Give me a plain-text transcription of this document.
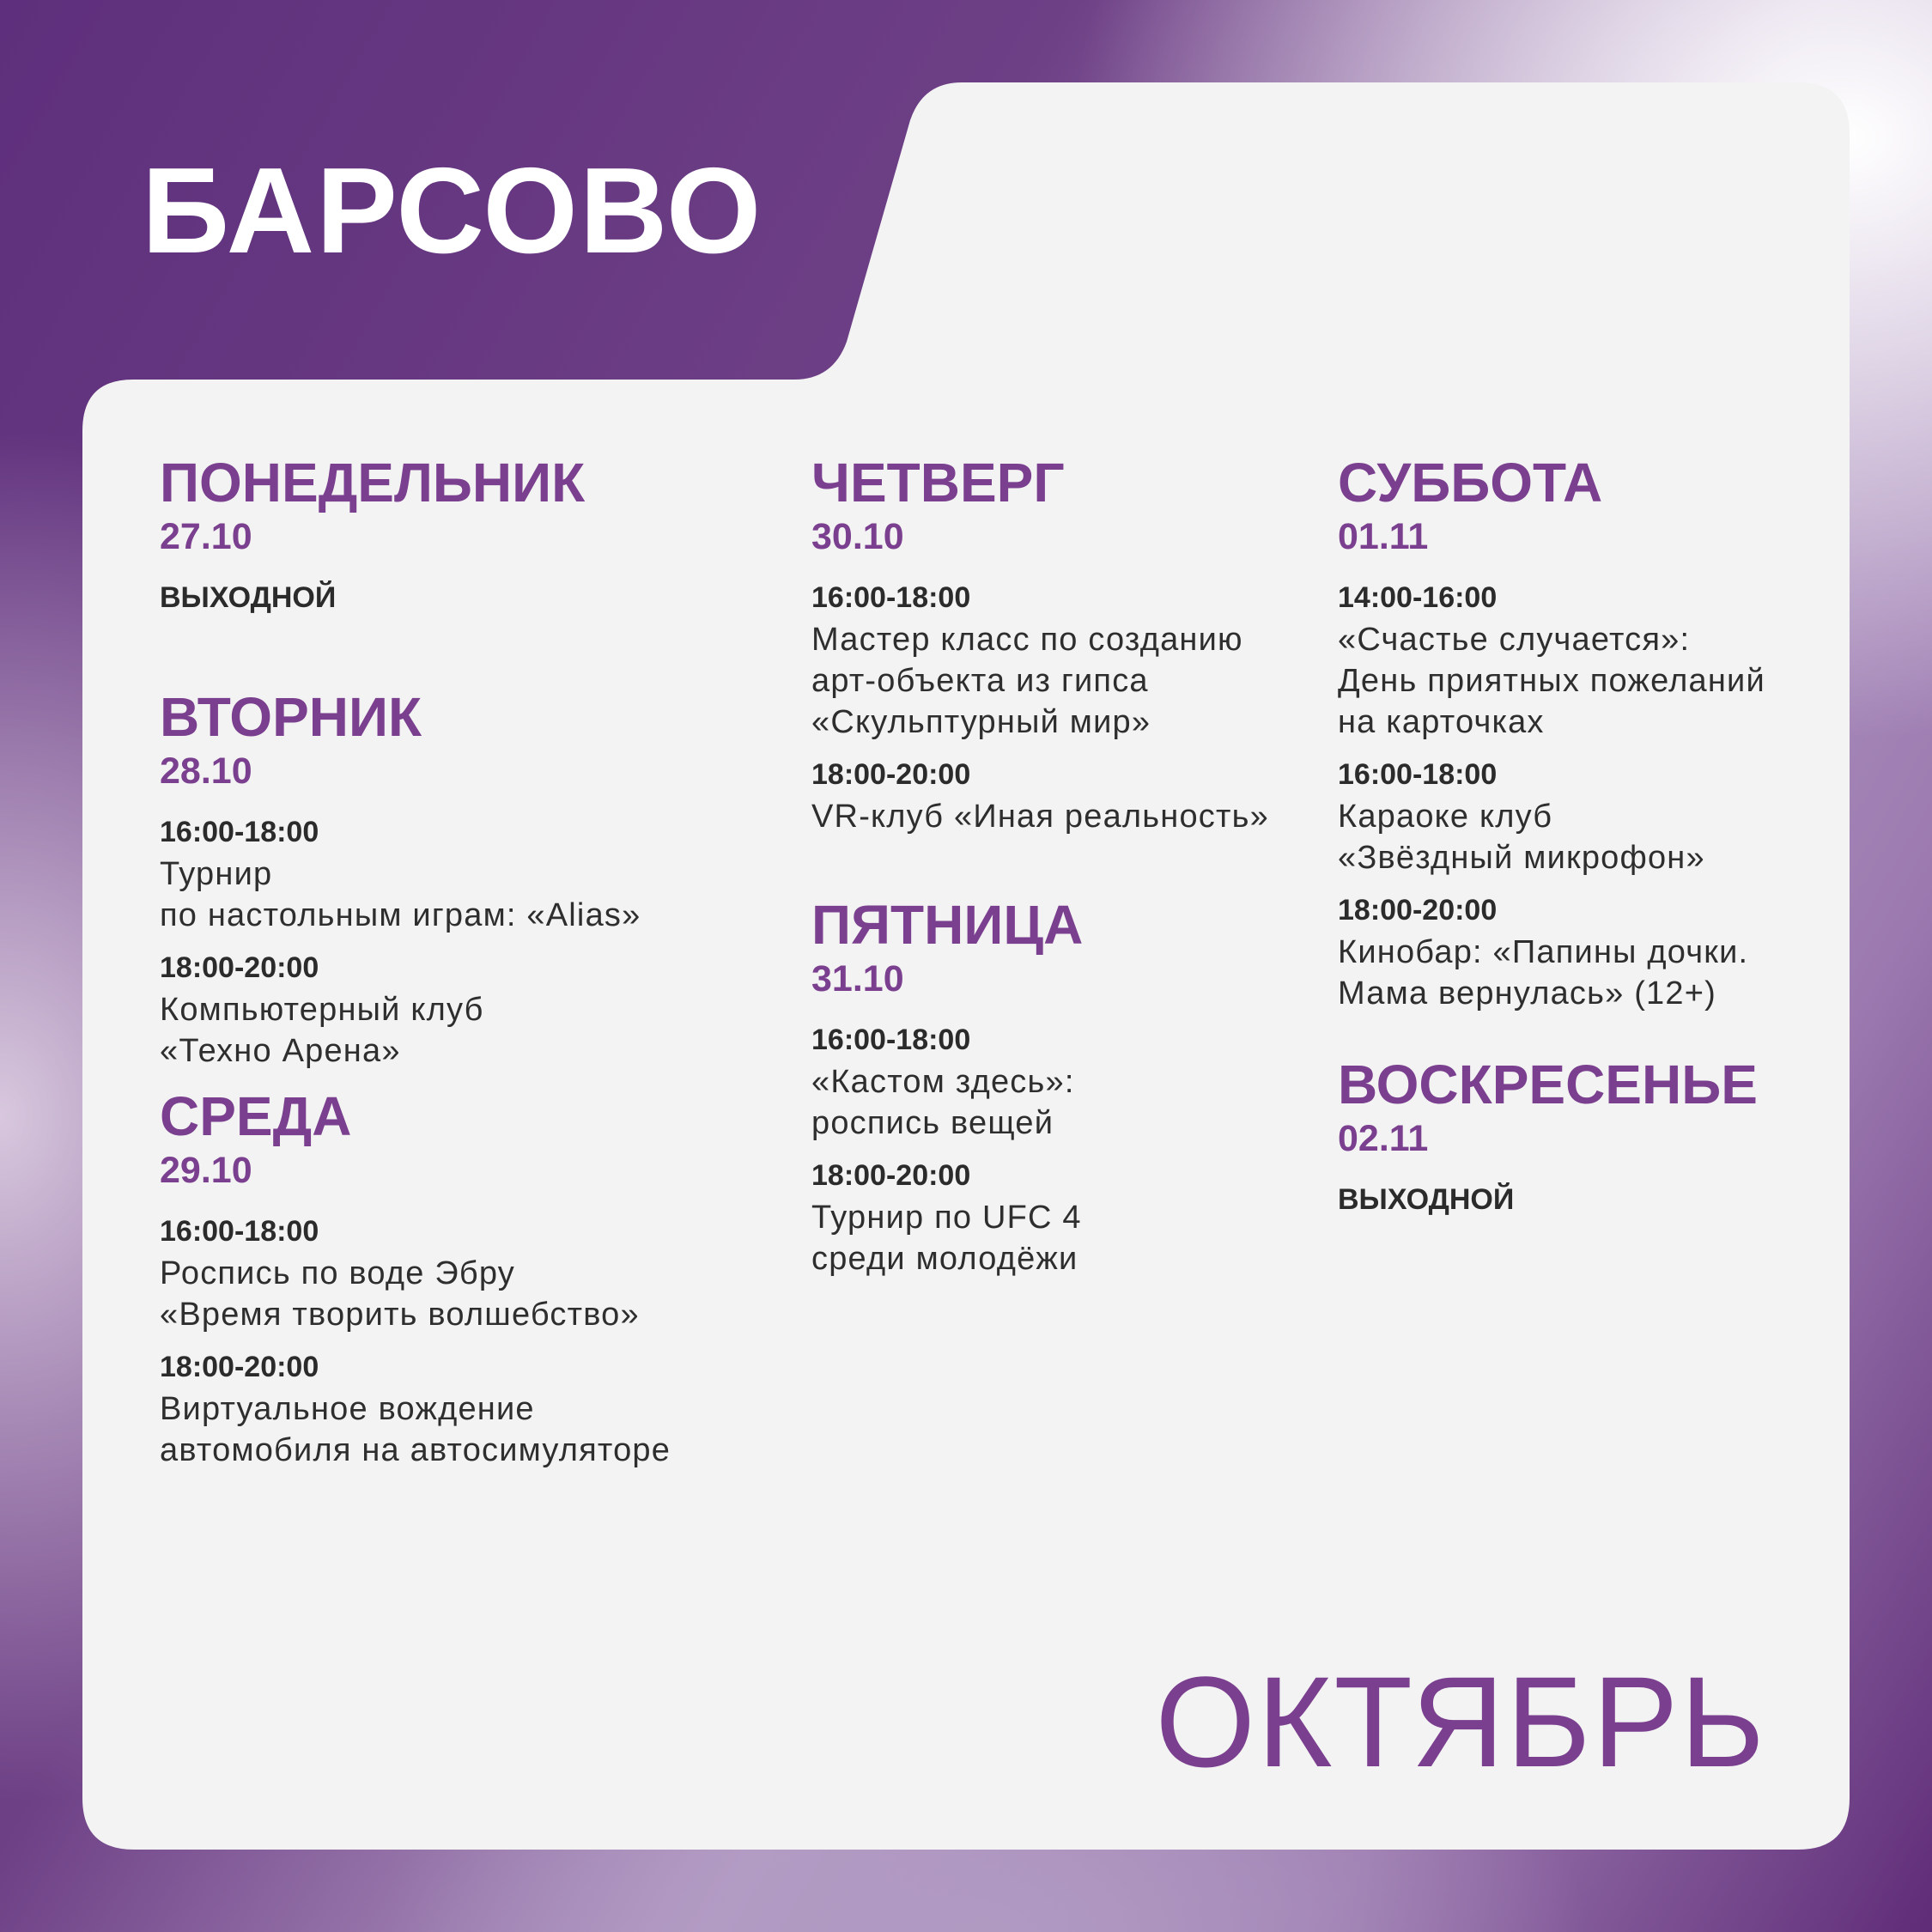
БАРСОВО
ПОНЕДЕЛЬНИК
27.10
ВЫХОДНОЙ
ВТОРНИК
28.10
16:00-18:00
Турнир
по настольным играм: «Alias»
18:00-20:00
Компьютерный клуб
«Техно Арена»
СРЕДА
29.10
16:00-18:00
Роспись по воде Эбру
«Время творить волшебство»
18:00-20:00
Виртуальное вождение
автомобиля на автосимуляторе
ЧЕТВЕРГ
30.10
16:00-18:00
Мастер класс по созданию
арт-объекта из гипса
«Скульптурный мир»
18:00-20:00
VR-клуб «Иная реальность»
ПЯТНИЦА
31.10
16:00-18:00
«Кастом здесь»:
роспись вещей
18:00-20:00
Турнир по UFC 4
среди молодёжи
СУББОТА
01.11
14:00-16:00
«Счастье случается»:
День приятных пожеланий
на карточках
16:00-18:00
Караоке клуб
«Звёздный микрофон»
18:00-20:00
Кинобар: «Папины дочки.
Мама вернулась» (12+)
ВОСКРЕСЕНЬЕ
02.11
ВЫХОДНОЙ
ОКТЯБРЬ
